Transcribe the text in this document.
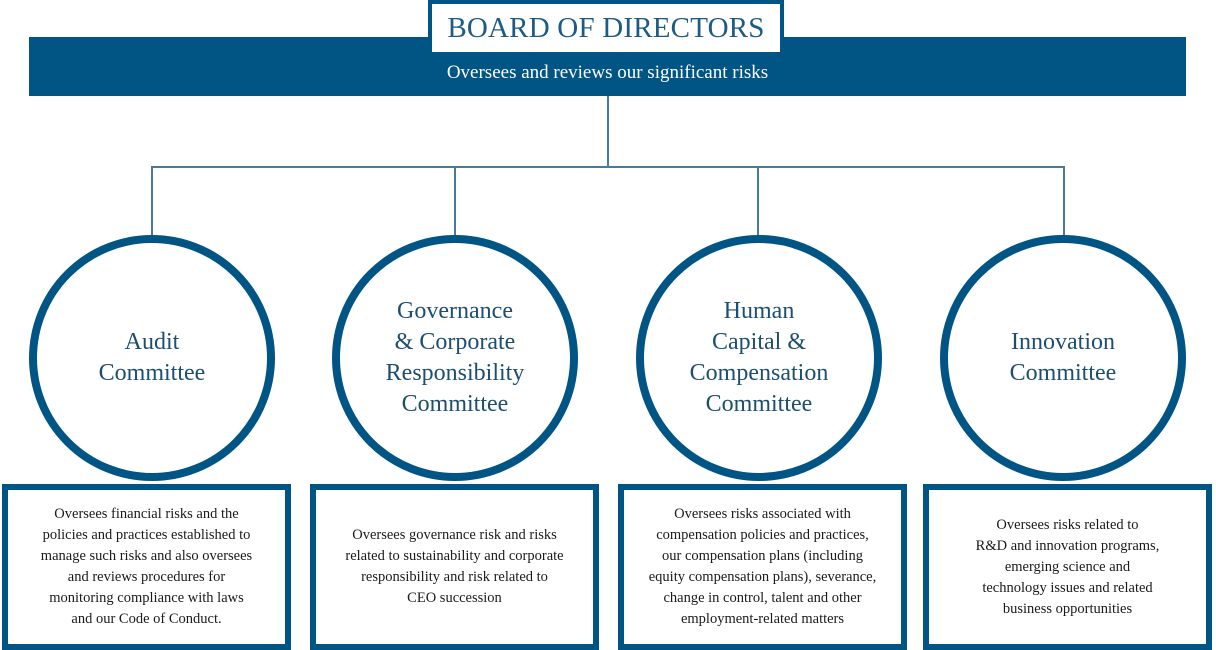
Oversees and reviews our significant risks
BOARD OF DIRECTORS
Audit
Committee
Governance
& Corporate
Responsibility
Committee
Human
Capital &
Compensation
Committee
Innovation
Committee
Oversees financial risks and the
policies and practices established to
manage such risks and also oversees
and reviews procedures for
monitoring compliance with laws
and our Code of Conduct.
Oversees governance risk and risks
related to sustainability and corporate
responsibility and risk related to
CEO succession
Oversees risks associated with
compensation policies and practices,
our compensation plans (including
equity compensation plans), severance,
change in control, talent and other
employment-related matters
Oversees risks related to
R&D and innovation programs,
emerging science and
technology issues and related
business opportunities
